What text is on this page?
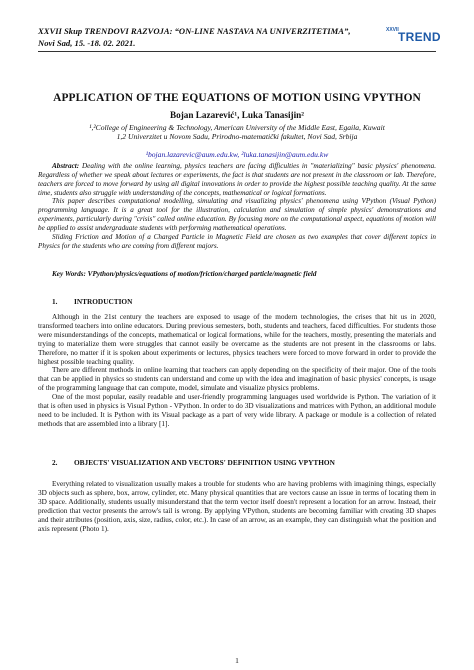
XXVII Skup TRENDOVI RAZVOJA: “ON-LINE NASTAVA NA UNIVERZITETIMA”,
Novi Sad, 15. -18. 02. 2021.
XXVII TREND
APPLICATION OF THE EQUATIONS OF MOTION USING VPYTHON
Bojan Lazarević¹, Luka Tanasijin²
¹,²College of Engineering & Technology, American University of the Middle East, Egaila, Kuwait
1,2 Univerzitet u Novom Sadu, Prirodno-matematički fakultet, Novi Sad, Srbija
¹bojan.lazarevic@aum.edu.kw, ²luka.tanasijin@aum.edu.kw

Abstract: Dealing with the online learning, physics teachers are facing difficulties in "materializing" basic physics' phenomena. Regardless of whether we speak about lectures or experiments, the fact is that students are not present in the classroom or lab. Therefore, teachers are forced to move forward by using all digital innovations in order to provide the highest possible teaching quality. At the same time, students also struggle with understanding of the concepts, mathematical or logical formations.

This paper describes computational modelling, simulating and visualizing physics' phenomena using VPython (Visual Python) programming language. It is a great tool for the illustration, calculation and simulation of simple physics' demonstrations and experiments, particularly during "crisis" called online education. By focusing more on the computational aspect, equations of motion will be applied to assist undergraduate students with performing mathematical operations.

Sliding Friction and Motion of a Charged Particle in Magnetic Field are chosen as two examples that cover different topics in Physics for the students who are coming from different majors.

Key Words: VPython/physics/equations of motion/friction/charged particle/magnetic field
1. INTRODUCTION

Although in the 21st century the teachers are exposed to usage of the modern technologies, the crises that hit us in 2020, transformed teachers into online educators. During previous semesters, both, students and teachers, faced difficulties. For students those were misunderstandings of the concepts, mathematical or logical formations, while for the teachers, mostly, presenting the materials and trying to materialize them were struggles that cannot easily be overcame as the students are not present in the classrooms or labs. Therefore, no matter if it is spoken about experiments or lectures, physics teachers were forced to move forward in order to provide the highest possible teaching quality.

There are different methods in online learning that teachers can apply depending on the specificity of their major. One of the tools that can be applied in physics so students can understand and come up with the idea and imagination of basic physics' concepts, is usage of the programming language that can compute, model, simulate and visualize physics problems.

One of the most popular, easily readable and user-friendly programming languages used worldwide is Python. The variation of it that is often used in physics is Visual Python - VPython. In order to do 3D visualizations and matrices with Python, an additional module need to be included. It is Python with its Visual package as a part of very wide library. A package or module is a collection of related methods that are assembled into a library [1].

2. OBJECTS' VISUALIZATION AND VECTORS' DEFINITION USING VPYTHON

Everything related to visualization usually makes a trouble for students who are having problems with imagining things, especially 3D objects such as sphere, box, arrow, cylinder, etc. Many physical quantities that are vectors cause an issue in terms of locating them in 3D space. Additionally, students usually misunderstand that the term vector itself doesn't represent a location for an arrow. Instead, their prediction that vector presents the arrow's tail is wrong. By applying VPython, students are becoming familiar with creating 3D shapes and their attributes (position, axis, size, radius, color, etc.). In case of an arrow, as an example, they can distinguish what the position and axis represent (Photo 1).

1
